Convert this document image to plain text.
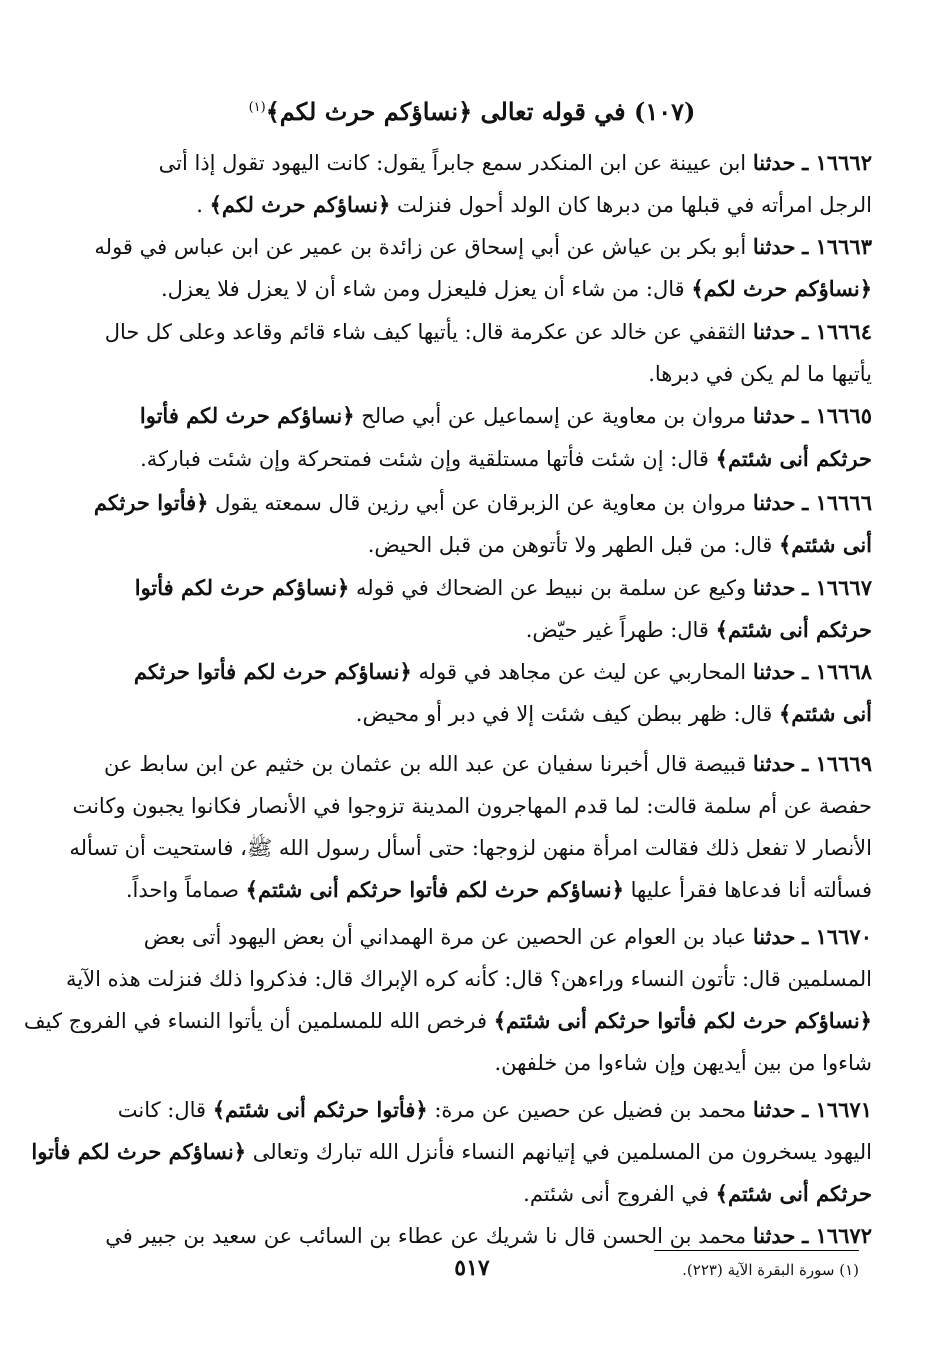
(١٠٧) في قوله تعالى ﴿نساؤكم حرث لكم﴾$^{(١)}$
١٦٦٦٢ ـ حدثنا ابن عيينة عن ابن المنكدر سمع جابراً يقول: كانت اليهود تقول إذا أتى
الرجل امرأته في قبلها من دبرها كان الولد أحول فنزلت ﴿نساؤكم حرث لكم﴾ .
١٦٦٦٣ ـ حدثنا أبو بكر بن عياش عن أبي إسحاق عن زائدة بن عمير عن ابن عباس في قوله
﴿نساؤكم حرث لكم﴾ قال: من شاء أن يعزل فليعزل ومن شاء أن لا يعزل فلا يعزل.
١٦٦٦٤ ـ حدثنا الثقفي عن خالد عن عكرمة قال: يأتيها كيف شاء قائم وقاعد وعلى كل حال
يأتيها ما لم يكن في دبرها.
١٦٦٦٥ ـ حدثنا مروان بن معاوية عن إسماعيل عن أبي صالح ﴿نساؤكم حرث لكم فأتوا
حرثكم أنى شئتم﴾ قال: إن شئت فأتها مستلقية وإن شئت فمتحركة وإن شئت فباركة.
١٦٦٦٦ ـ حدثنا مروان بن معاوية عن الزبرقان عن أبي رزين قال سمعته يقول ﴿فأتوا حرثكم
أنى شئتم﴾ قال: من قبل الطهر ولا تأتوهن من قبل الحيض.
١٦٦٦٧ ـ حدثنا وكيع عن سلمة بن نبيط عن الضحاك في قوله ﴿نساؤكم حرث لكم فأتوا
حرثكم أنى شئتم﴾ قال: طهراً غير حيّض.
١٦٦٦٨ ـ حدثنا المحاربي عن ليث عن مجاهد في قوله ﴿نساؤكم حرث لكم فأتوا حرثكم
أنى شئتم﴾ قال: ظهر ببطن كيف شئت إلا في دبر أو محيض.
١٦٦٦٩ ـ حدثنا قبيصة قال أخبرنا سفيان عن عبد الله بن عثمان بن خثيم عن ابن سابط عن
حفصة عن أم سلمة قالت: لما قدم المهاجرون المدينة تزوجوا في الأنصار فكانوا يجبون وكانت
الأنصار لا تفعل ذلك فقالت امرأة منهن لزوجها: حتى أسأل رسول الله ﷺ، فاستحيت أن تسأله
فسألته أنا فدعاها فقرأ عليها ﴿نساؤكم حرث لكم فأتوا حرثكم أنى شئتم﴾ صماماً واحداً.
١٦٦٧٠ ـ حدثنا عباد بن العوام عن الحصين عن مرة الهمداني أن بعض اليهود أتى بعض
المسلمين قال: تأتون النساء وراءهن؟ قال: كأنه كره الإبراك قال: فذكروا ذلك فنزلت هذه الآية
﴿نساؤكم حرث لكم فأتوا حرثكم أنى شئتم﴾ فرخص الله للمسلمين أن يأتوا النساء في الفروج كيف
شاءوا من بين أيديهن وإن شاءوا من خلفهن.
١٦٦٧١ ـ حدثنا محمد بن فضيل عن حصين عن مرة: ﴿فأتوا حرثكم أنى شئتم﴾ قال: كانت
اليهود يسخرون من المسلمين في إتيانهم النساء فأنزل الله تبارك وتعالى ﴿نساؤكم حرث لكم فأتوا
حرثكم أنى شئتم﴾ في الفروج أنى شئتم.
١٦٦٧٢ ـ حدثنا محمد بن الحسن قال نا شريك عن عطاء بن السائب عن سعيد بن جبير في
٥١٧	(١) سورة البقرة الآية (٢٢٣).
